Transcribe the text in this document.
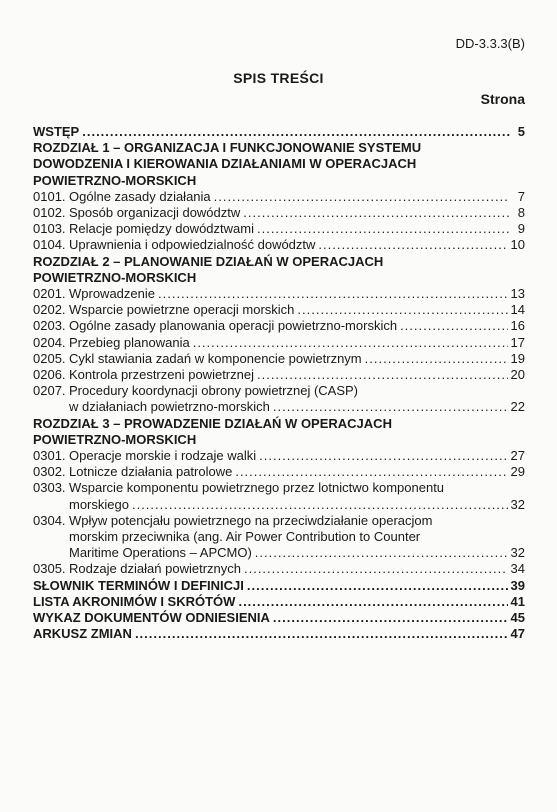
DD-3.3.3(B)
SPIS TREŚCI
Strona
WSTĘP .....	5
ROZDZIAŁ 1 – ORGANIZACJA I FUNKCJONOWANIE SYSTEMU
DOWODZENIA I KIEROWANIA DZIAŁANIAMI W OPERACJACH
POWIETRZNO-MORSKICH
0101. Ogólne zasady działania .....	7
0102. Sposób organizacji dowództw .....	8
0103. Relacje pomiędzy dowództwami .....	9
0104. Uprawnienia i odpowiedzialność dowództw .....	10
ROZDZIAŁ 2 – PLANOWANIE DZIAŁAŃ W OPERACJACH
POWIETRZNO-MORSKICH
0201. Wprowadzenie .....	13
0202. Wsparcie powietrzne operacji morskich .....	14
0203. Ogólne zasady planowania operacji powietrzno-morskich .....	16
0204. Przebieg planowania .....	17
0205. Cykl stawiania zadań w komponencie powietrznym .....	19
0206. Kontrola przestrzeni powietrznej .....	20
0207. Procedury koordynacji obrony powietrznej (CASP)
w działaniach powietrzno-morskich .....	22
ROZDZIAŁ 3 – PROWADZENIE DZIAŁAŃ W OPERACJACH
POWIETRZNO-MORSKICH
0301. Operacje morskie i rodzaje walki .....	27
0302. Lotnicze działania patrolowe .....	29
0303. Wsparcie komponentu powietrznego przez lotnictwo komponentu
morskiego .....	32
0304. Wpływ potencjału powietrznego na przeciwdziałanie operacjom
morskim przeciwnika (ang. Air Power Contribution to Counter
Maritime Operations – APCMO) .....	32
0305. Rodzaje działań powietrznych .....	34
SŁOWNIK TERMINÓW I DEFINICJI .....	39
LISTA AKRONIMÓW I SKRÓTÓW .....	41
WYKAZ DOKUMENTÓW ODNIESIENIA .....	45
ARKUSZ ZMIAN .....	47
